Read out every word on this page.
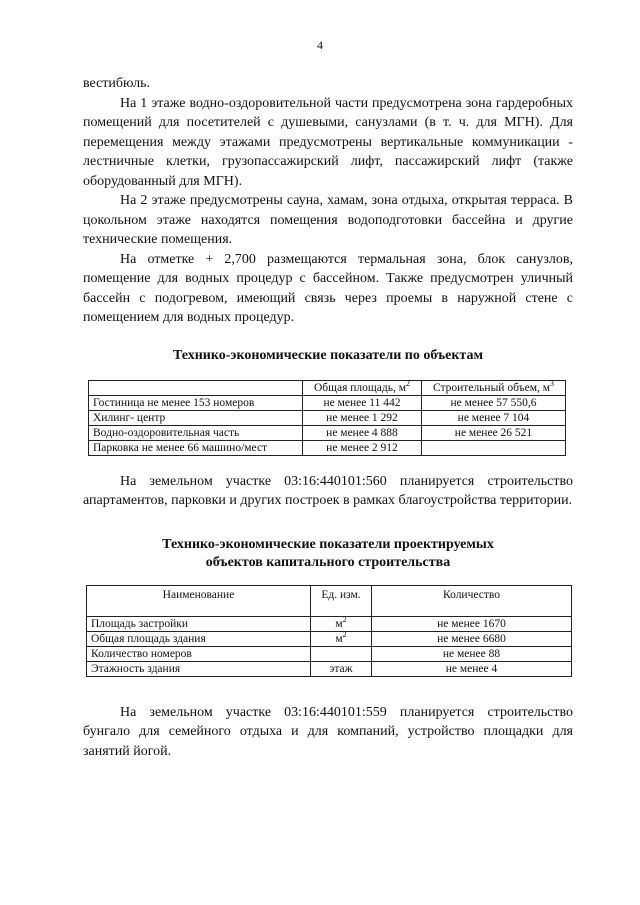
4

вестибюль.

На 1 этаже водно-оздоровительной части предусмотрена зона гардеробных помещений для посетителей с душевыми, санузлами (в т. ч. для МГН). Для перемещения между этажами предусмотрены вертикальные коммуникации - лестничные клетки, грузопассажирский лифт, пассажирский лифт (также оборудованный для МГН).

На 2 этаже предусмотрены сауна, хамам, зона отдыха, открытая терраса. В цокольном этаже находятся помещения водоподготовки бассейна и другие технические помещения.

На отметке + 2,700 размещаются термальная зона, блок санузлов, помещение для водных процедур с бассейном. Также предусмотрен уличный бассейн с подогревом, имеющий связь через проемы в наружной стене с помещением для водных процедур.

Технико-экономические показатели по объектам

	Общая площадь, $м^2$	Строительный объем, $м^3$
Гостиница не менее 153 номеров	не менее 11 442	не менее 57 550,6
Хилинг- центр	не менее 1 292	не менее 7 104
Водно-оздоровительная часть	не менее 4 888	не менее 26 521
Парковка не менее 66 машино/мест	не менее 2 912	

На земельном участке 03:16:440101:560 планируется строительство апартаментов, парковки и других построек в рамках благоустройства территории.

Технико-экономические показатели проектируемых

объектов капитального строительства

Наименование	Ед. изм.	Количество
Площадь застройки	$м^2$	не менее 1670
Общая площадь здания	$м^2$	не менее 6680
Количество номеров		не менее 88
Этажность здания	этаж	не менее 4

На земельном участке 03:16:440101:559 планируется строительство бунгало для семейного отдыха и для компаний, устройство площадки для занятий йогой.
